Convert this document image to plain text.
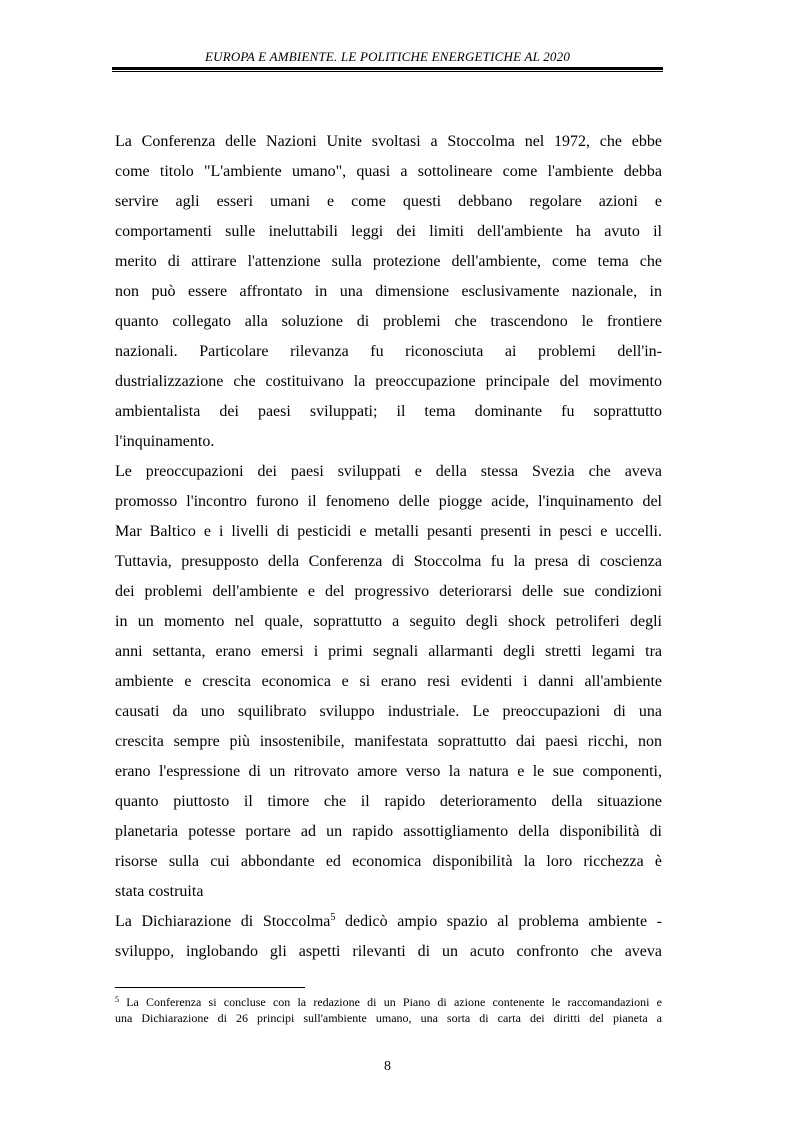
EUROPA E AMBIENTE. LE POLITICHE ENERGETICHE AL 2020
La Conferenza delle Nazioni Unite svoltasi a Stoccolma nel 1972, che ebbe
come titolo "L'ambiente umano", quasi a sottolineare come l'ambiente debba
servire agli esseri umani e come questi debbano regolare azioni e
comportamenti sulle ineluttabili leggi dei limiti dell'ambiente ha avuto il
merito di attirare l'attenzione sulla protezione dell'ambiente, come tema che
non può essere affrontato in una dimensione esclusivamente nazionale, in
quanto collegato alla soluzione di problemi che trascendono le frontiere
nazionali. Particolare rilevanza fu riconosciuta ai problemi dell'in-
dustrializzazione che costituivano la preoccupazione principale del movimento
ambientalista dei paesi sviluppati; il tema dominante fu soprattutto
l'inquinamento.
Le preoccupazioni dei paesi sviluppati e della stessa Svezia che aveva
promosso l'incontro furono il fenomeno delle piogge acide, l'inquinamento del
Mar Baltico e i livelli di pesticidi e metalli pesanti presenti in pesci e uccelli.
Tuttavia, presupposto della Conferenza di Stoccolma fu la presa di coscienza
dei problemi dell'ambiente e del progressivo deteriorarsi delle sue condizioni
in un momento nel quale, soprattutto a seguito degli shock petroliferi degli
anni settanta, erano emersi i primi segnali allarmanti degli stretti legami tra
ambiente e crescita economica e si erano resi evidenti i danni all'ambiente
causati da uno squilibrato sviluppo industriale. Le preoccupazioni di una
crescita sempre più insostenibile, manifestata soprattutto dai paesi ricchi, non
erano l'espressione di un ritrovato amore verso la natura e le sue componenti,
quanto piuttosto il timore che il rapido deterioramento della situazione
planetaria potesse portare ad un rapido assottigliamento della disponibilità di
risorse sulla cui abbondante ed economica disponibilità la loro ricchezza è
stata costruita
La Dichiarazione di Stoccolma$^5$ dedicò ampio spazio al problema ambiente -
sviluppo, inglobando gli aspetti rilevanti di un acuto confronto che aveva
$^5$ La Conferenza si concluse con la redazione di un Piano di azione contenente le raccomandazioni e
una Dichiarazione di 26 principi sull'ambiente umano, una sorta di carta dei diritti del pianeta a
8
